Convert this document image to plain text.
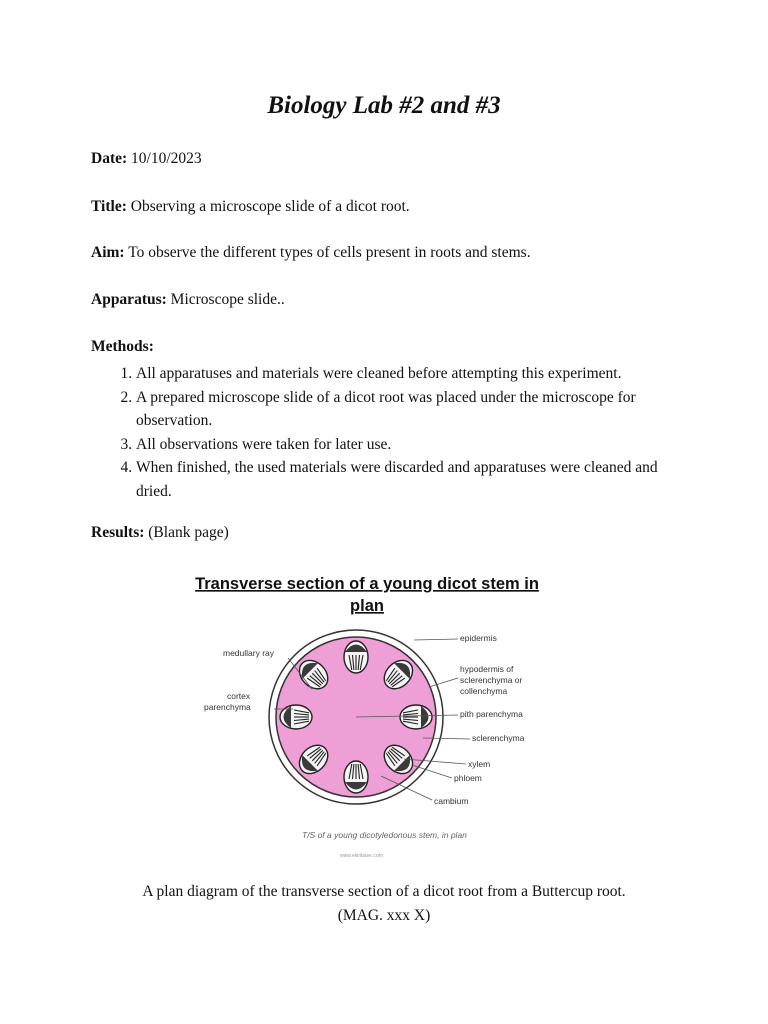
Biology Lab #2 and #3
Date: 10/10/2023
Title: Observing a microscope slide of a dicot root.
Aim: To observe the different types of cells present in roots and stems.
Apparatus: Microscope slide..
Methods:
1. All apparatuses and materials were cleaned before attempting this experiment.
2. A prepared microscope slide of a dicot root was placed under the microscope for observation.
3. All observations were taken for later use.
4. When finished, the used materials were discarded and apparatuses were cleaned and dried.
Results: (Blank page)
Transverse section of a young dicot stem in
plan
epidermis
medullary ray
hypodermis of
sclerenchyma or
collenchyma
cortex
parenchyma
pith parenchyma
sclerenchyma
xylem
phloem
cambium
T/S of a young dicotyledonous stem, in plan
www.ekinbase.com
A plan diagram of the transverse section of a dicot root from a Buttercup root.
(MAG. xxx X)
